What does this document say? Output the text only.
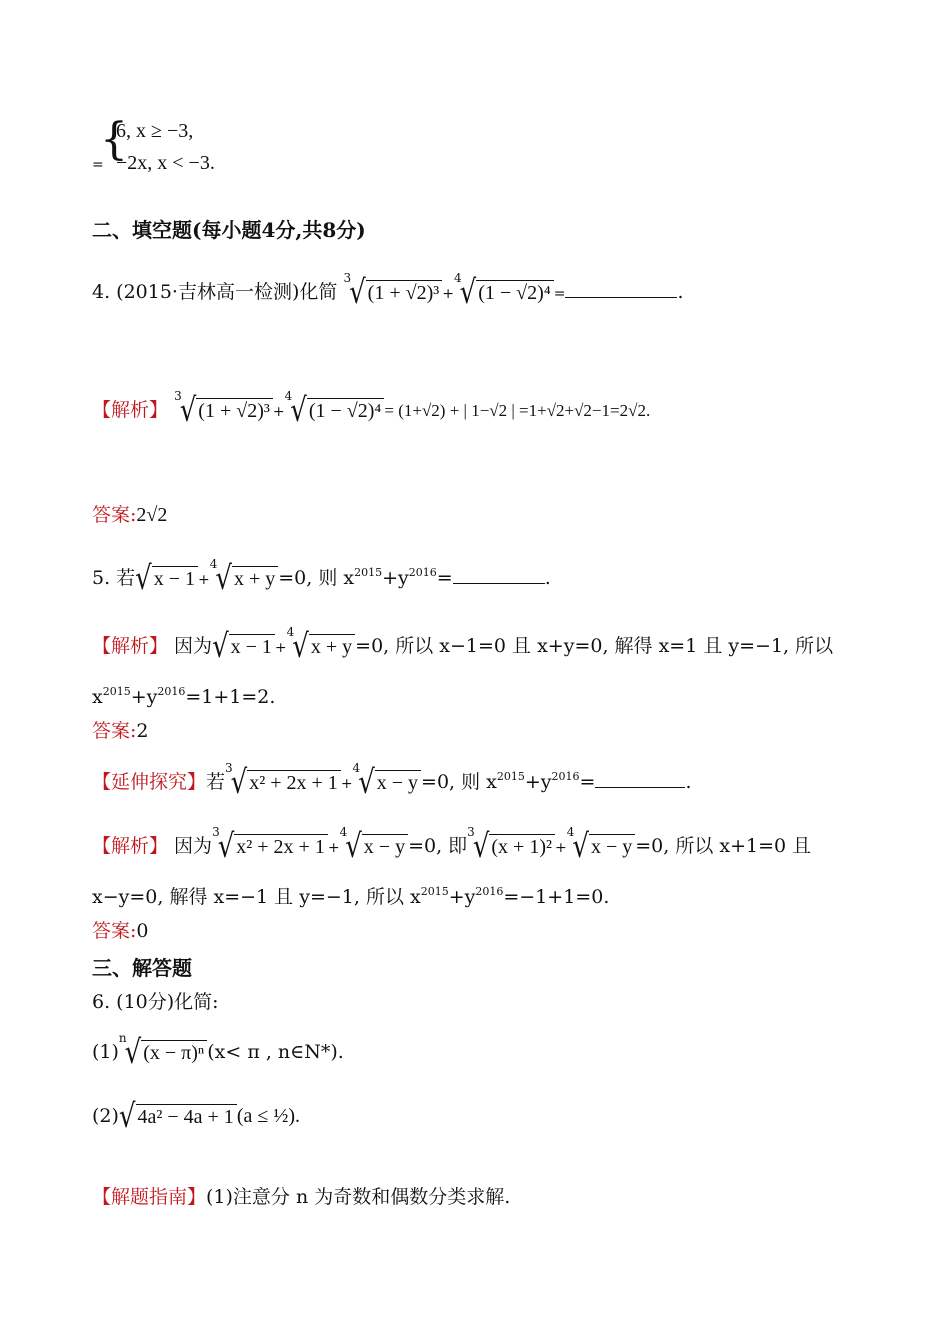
{
6, x ≥ −3,
−2x, x < −3.
=
二、填空题(每小题4分,共8分)
4. (2015·吉林高一检测)化简
3
√ (1 + √2)³ +
4
√ (1 − √2)⁴ =	.
【解析】
3
√ (1 + √2)³ +
4
√ (1 − √2)⁴ = (1+√2) + | 1−√2 | =1+√2+√2−1=2√2.
答案:2√2
5. 若 √ x − 1 +
4
√ x + y =0, 则 $x^{2015}+y^{2016}=$	.
【解析】 因为 √ x − 1 +
4
√ x + y =0, 所以 x−1=0 且 x+y=0, 解得 x=1 且 y=−1, 所以
$x^{2015}+y^{2016}=1+1=2$.
答案:2
【延伸探究】若
3
√ x² + 2x + 1 +
4
√ x − y =0, 则 $x^{2015}+y^{2016}=$	.
【解析】 因为
3
√ x² + 2x + 1 +
4
√ x − y =0, 即
3
√ (x + 1)² +
4
√ x − y =0, 所以 x+1=0 且
x−y=0, 解得 x=−1 且 y=−1, 所以 $x^{2015}+y^{2016}=-1+1=0$.
答案:0
三、解答题
6. (10分)化简:
(1)
n
√ (x − π)ⁿ (x< π , n∈N*).
(2) √ 4a² − 4a + 1 (a ≤ ½).
【解题指南】(1)注意分 n 为奇数和偶数分类求解.
